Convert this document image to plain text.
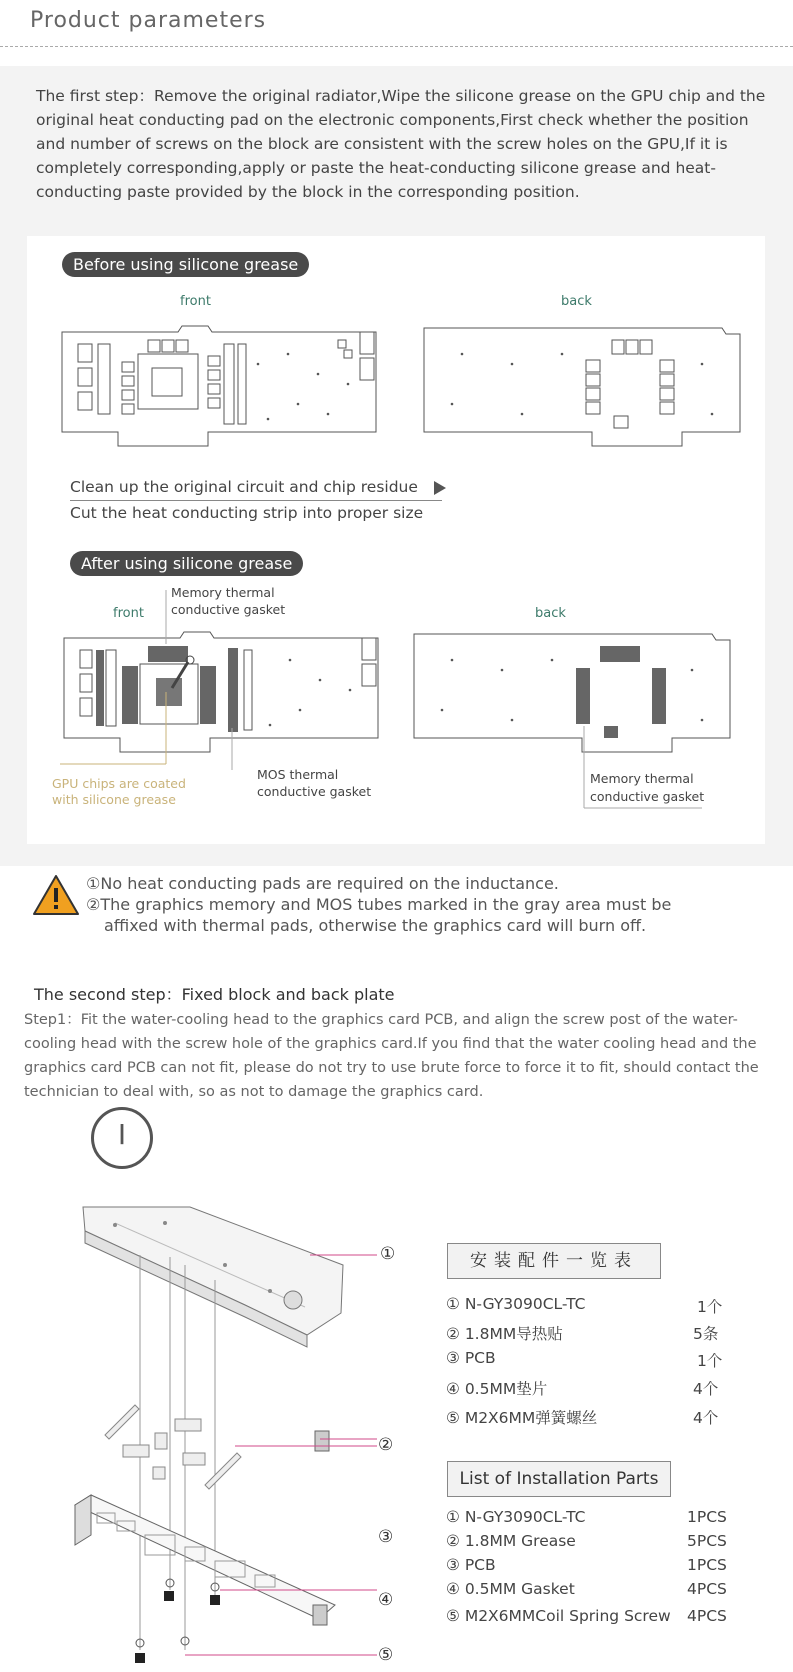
Product parameters
The first step：Remove the original radiator,Wipe the silicone grease on the GPU chip and the original heat conducting pad on the electronic components,First check whether the position and number of screws on the block are consistent with the screw holes on the GPU,If it is completely corresponding,apply or paste the heat-conducting silicone grease and heat-conducting paste provided by the block in the corresponding position.
Before using silicone grease
front	back
Clean up the original circuit and chip residue
Cut the heat conducting strip into proper size
After using silicone grease
front	back
Memory thermal conductive gasket
GPU chips are coated with silicone grease
MOS thermal conductive gasket
Memory thermal conductive gasket
①No heat conducting pads are required on the inductance.
②The graphics memory and MOS tubes marked in the gray area must be
affixed with thermal pads, otherwise the graphics card will burn off.
The second step：Fixed block and back plate
Step1：Fit the water-cooling head to the graphics card PCB, and align the screw post of the water-cooling head with the screw hole of the graphics card.If you find that the water cooling head and the graphics card PCB can not fit, please do not try to use brute force to force it to fit, should contact the technician to deal with, so as not to damage the graphics card.
I
①
②
③
④
⑤
安装配件一览表
① N-GY3090CL-TC	1个
② 1.8MM导热贴	5条
③ PCB	1个
④ 0.5MM垫片	4个
⑤ M2X6MM弹簧螺丝	4个
List of Installation Parts
① N-GY3090CL-TC	1PCS
② 1.8MM Grease	5PCS
③ PCB	1PCS
④ 0.5MM Gasket	4PCS
⑤ M2X6MMCoil Spring Screw 4PCS
